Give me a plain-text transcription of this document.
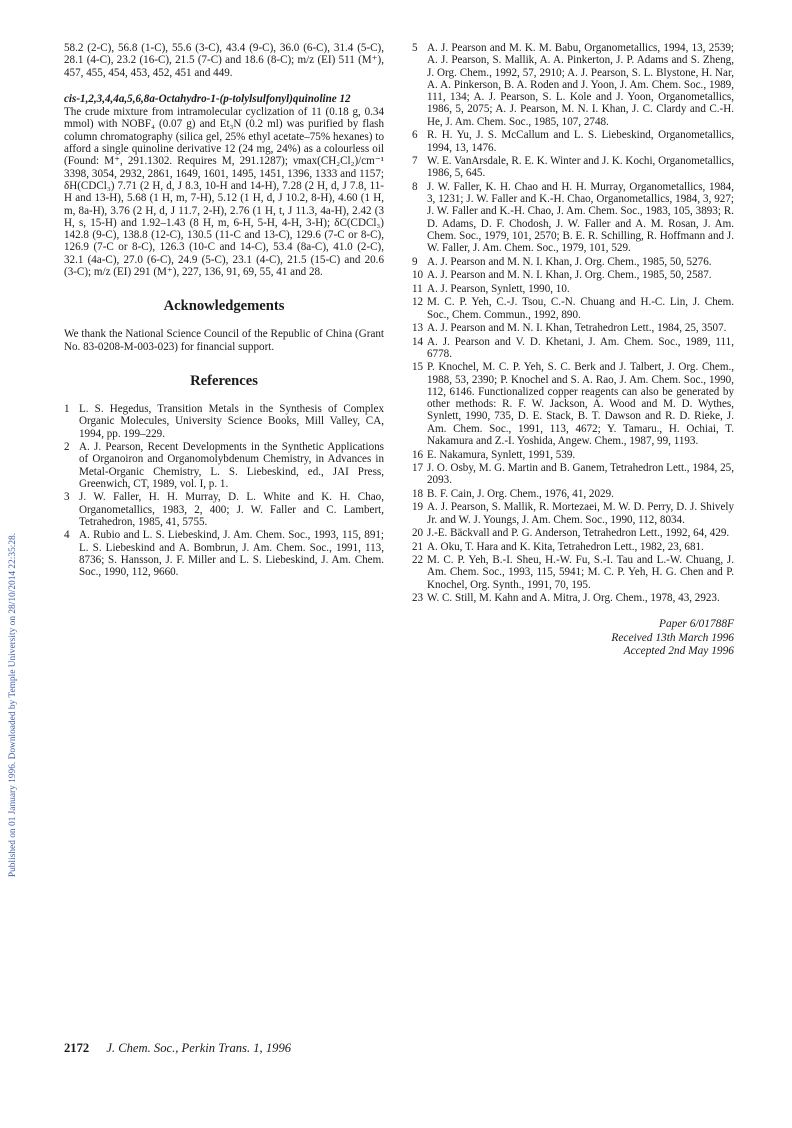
Published on 01 January 1996. Downloaded by Temple University on 28/10/2014 22:35:28.

58.2 (2-C), 56.8 (1-C), 55.6 (3-C), 43.4 (9-C), 36.0 (6-C), 31.4 (5-C), 28.1 (4-C), 23.2 (16-C), 21.5 (7-C) and 18.6 (8-C); m/z (EI) 511 (M⁺), 457, 455, 454, 453, 452, 451 and 449.

cis-1,2,3,4,4a,5,6,8a-Octahydro-1-(p-tolylsulfonyl)quinoline 12

The crude mixture from intramolecular cyclization of 11 (0.18 g, 0.34 mmol) with NOBF₄ (0.07 g) and Et₃N (0.2 ml) was purified by flash column chromatography (silica gel, 25% ethyl acetate–75% hexanes) to afford a single quinoline derivative 12 (24 mg, 24%) as a colourless oil (Found: M⁺, 291.1302. Requires M, 291.1287); νmax(CH₂Cl₂)/cm⁻¹ 3398, 3054, 2932, 2861, 1649, 1601, 1495, 1451, 1396, 1333 and 1157; δH(CDCl₃) 7.71 (2 H, d, J 8.3, 10-H and 14-H), 7.28 (2 H, d, J 7.8, 11-H and 13-H), 5.68 (1 H, m, 7-H), 5.12 (1 H, d, J 10.2, 8-H), 4.60 (1 H, m, 8a-H), 3.76 (2 H, d, J 11.7, 2-H), 2.76 (1 H, t, J 11.3, 4a-H), 2.42 (3 H, s, 15-H) and 1.92–1.43 (8 H, m, 6-H, 5-H, 4-H, 3-H); δC(CDCl₃) 142.8 (9-C), 138.8 (12-C), 130.5 (11-C and 13-C), 129.6 (7-C or 8-C), 126.9 (7-C or 8-C), 126.3 (10-C and 14-C), 53.4 (8a-C), 41.0 (2-C), 32.1 (4a-C), 27.0 (6-C), 24.9 (5-C), 23.1 (4-C), 21.5 (15-C) and 20.6 (3-C); m/z (EI) 291 (M⁺), 227, 136, 91, 69, 55, 41 and 28.

Acknowledgements

We thank the National Science Council of the Republic of China (Grant No. 83-0208-M-003-023) for financial support.

References
1 L. S. Hegedus, Transition Metals in the Synthesis of Complex Organic Molecules, University Science Books, Mill Valley, CA, 1994, pp. 199–229.
2 A. J. Pearson, Recent Developments in the Synthetic Applications of Organoiron and Organomolybdenum Chemistry, in Advances in Metal-Organic Chemistry, L. S. Liebeskind, ed., JAI Press, Greenwich, CT, 1989, vol. I, p. 1.
3 J. W. Faller, H. H. Murray, D. L. White and K. H. Chao, Organometallics, 1983, 2, 400; J. W. Faller and C. Lambert, Tetrahedron, 1985, 41, 5755.
4 A. Rubio and L. S. Liebeskind, J. Am. Chem. Soc., 1993, 115, 891; L. S. Liebeskind and A. Bombrun, J. Am. Chem. Soc., 1991, 113, 8736; S. Hansson, J. F. Miller and L. S. Liebeskind, J. Am. Chem. Soc., 1990, 112, 9660.
5 A. J. Pearson and M. K. M. Babu, Organometallics, 1994, 13, 2539; A. J. Pearson, S. Mallik, A. A. Pinkerton, J. P. Adams and S. Zheng, J. Org. Chem., 1992, 57, 2910; A. J. Pearson, S. L. Blystone, H. Nar, A. A. Pinkerson, B. A. Roden and J. Yoon, J. Am. Chem. Soc., 1989, 111, 134; A. J. Pearson, S. L. Kole and J. Yoon, Organometallics, 1986, 5, 2075; A. J. Pearson, M. N. I. Khan, J. C. Clardy and C.-H. He, J. Am. Chem. Soc., 1985, 107, 2748.
6 R. H. Yu, J. S. McCallum and L. S. Liebeskind, Organometallics, 1994, 13, 1476.
7 W. E. VanArsdale, R. E. K. Winter and J. K. Kochi, Organometallics, 1986, 5, 645.
8 J. W. Faller, K. H. Chao and H. H. Murray, Organometallics, 1984, 3, 1231; J. W. Faller and K.-H. Chao, Organometallics, 1984, 3, 927; J. W. Faller and K.-H. Chao, J. Am. Chem. Soc., 1983, 105, 3893; R. D. Adams, D. F. Chodosh, J. W. Faller and A. M. Rosan, J. Am. Chem. Soc., 1979, 101, 2570; B. E. R. Schilling, R. Hoffmann and J. W. Faller, J. Am. Chem. Soc., 1979, 101, 529.
9 A. J. Pearson and M. N. I. Khan, J. Org. Chem., 1985, 50, 5276.
10 A. J. Pearson and M. N. I. Khan, J. Org. Chem., 1985, 50, 2587.
11 A. J. Pearson, Synlett, 1990, 10.
12 M. C. P. Yeh, C.-J. Tsou, C.-N. Chuang and H.-C. Lin, J. Chem. Soc., Chem. Commun., 1992, 890.
13 A. J. Pearson and M. N. I. Khan, Tetrahedron Lett., 1984, 25, 3507.
14 A. J. Pearson and V. D. Khetani, J. Am. Chem. Soc., 1989, 111, 6778.
15 P. Knochel, M. C. P. Yeh, S. C. Berk and J. Talbert, J. Org. Chem., 1988, 53, 2390; P. Knochel and S. A. Rao, J. Am. Chem. Soc., 1990, 112, 6146. Functionalized copper reagents can also be generated by other methods: R. F. W. Jackson, A. Wood and M. D. Wythes, Synlett, 1990, 735, D. E. Stack, B. T. Dawson and R. D. Rieke, J. Am. Chem. Soc., 1991, 113, 4672; Y. Tamaru., H. Ochiai, T. Nakamura and Z.-I. Yoshida, Angew. Chem., 1987, 99, 1193.
16 E. Nakamura, Synlett, 1991, 539.
17 J. O. Osby, M. G. Martin and B. Ganem, Tetrahedron Lett., 1984, 25, 2093.
18 B. F. Cain, J. Org. Chem., 1976, 41, 2029.
19 A. J. Pearson, S. Mallik, R. Mortezaei, M. W. D. Perry, D. J. Shively Jr. and W. J. Youngs, J. Am. Chem. Soc., 1990, 112, 8034.
20 J.-E. Bäckvall and P. G. Anderson, Tetrahedron Lett., 1992, 64, 429.
21 A. Oku, T. Hara and K. Kita, Tetrahedron Lett., 1982, 23, 681.
22 M. C. P. Yeh, B.-I. Sheu, H.-W. Fu, S.-I. Tau and L.-W. Chuang, J. Am. Chem. Soc., 1993, 115, 5941; M. C. P. Yeh, H. G. Chen and P. Knochel, Org. Synth., 1991, 70, 195.
23 W. C. Still, M. Kahn and A. Mitra, J. Org. Chem., 1978, 43, 2923.
Paper 6/01788F
Received 13th March 1996
Accepted 2nd May 1996
2172 J. Chem. Soc., Perkin Trans. 1, 1996
